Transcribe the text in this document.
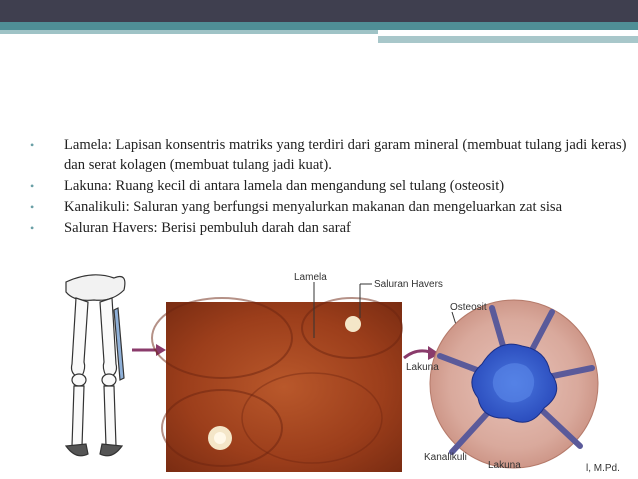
• Lamela: Lapisan konsentris matriks yang terdiri dari garam mineral (membuat tulang jadi keras) dan serat kolagen (membuat tulang jadi kuat).
• Lakuna: Ruang kecil di antara lamela dan mengandung sel tulang (osteosit)
• Kanalikuli: Saluran yang berfungsi menyalurkan makanan dan mengeluarkan zat sisa
• Saluran Havers: Berisi pembuluh darah dan saraf
Lamela
Saluran Havers
Osteosit
Lakuna
Kanalikuli
Lakuna	l, M.Pd.
